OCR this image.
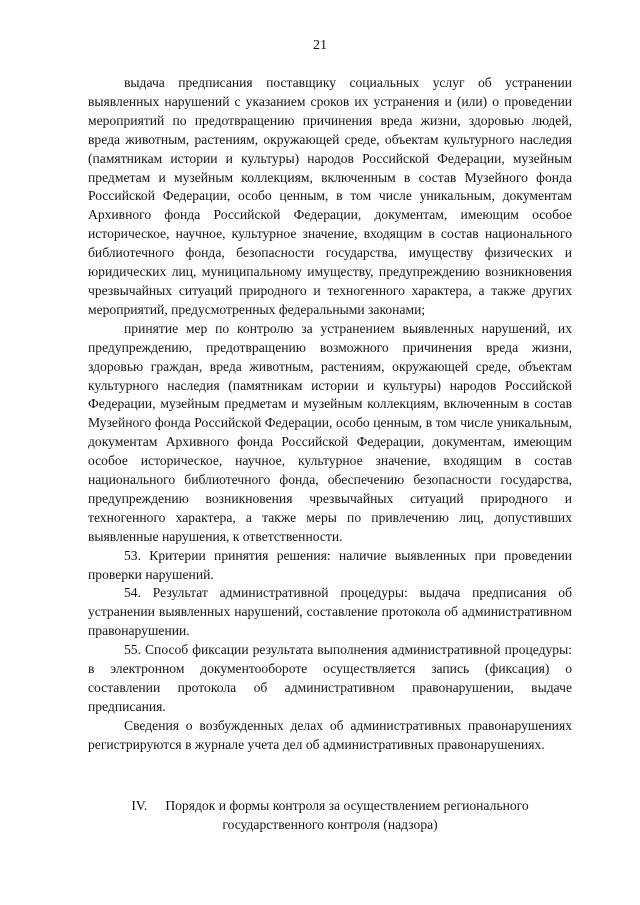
21

выдача предписания поставщику социальных услуг об устранении выявленных нарушений с указанием сроков их устранения и (или) о проведении мероприятий по предотвращению причинения вреда жизни, здоровью людей, вреда животным, растениям, окружающей среде, объектам культурного наследия (памятникам истории и культуры) народов Российской Федерации, музейным предметам и музейным коллекциям, включенным в состав Музейного фонда Российской Федерации, особо ценным, в том числе уникальным, документам Архивного фонда Российской Федерации, документам, имеющим особое историческое, научное, культурное значение, входящим в состав национального библиотечного фонда, безопасности государства, имуществу физических и юридических лиц, муниципальному имуществу, предупреждению возникновения чрезвычайных ситуаций природного и техногенного характера, а также других мероприятий, предусмотренных федеральными законами;

принятие мер по контролю за устранением выявленных нарушений, их предупреждению, предотвращению возможного причинения вреда жизни, здоровью граждан, вреда животным, растениям, окружающей среде, объектам культурного наследия (памятникам истории и культуры) народов Российской Федерации, музейным предметам и музейным коллекциям, включенным в состав Музейного фонда Российской Федерации, особо ценным, в том числе уникальным, документам Архивного фонда Российской Федерации, документам, имеющим особое историческое, научное, культурное значение, входящим в состав национального библиотечного фонда, обеспечению безопасности государства, предупреждению возникновения чрезвычайных ситуаций природного и техногенного характера, а также меры по привлечению лиц, допустивших выявленные нарушения, к ответственности.

53. Критерии принятия решения: наличие выявленных при проведении проверки нарушений.

54. Результат административной процедуры: выдача предписания об устранении выявленных нарушений, составление протокола об административном правонарушении.

55. Способ фиксации результата выполнения административной процедуры: в электронном документообороте осуществляется запись (фиксация) о составлении протокола об административном правонарушении, выдаче предписания.

Сведения о возбужденных делах об административных правонарушениях регистрируются в журнале учета дел об административных правонарушениях.

IV. Порядок и формы контроля за осуществлением регионального государственного контроля (надзора)
